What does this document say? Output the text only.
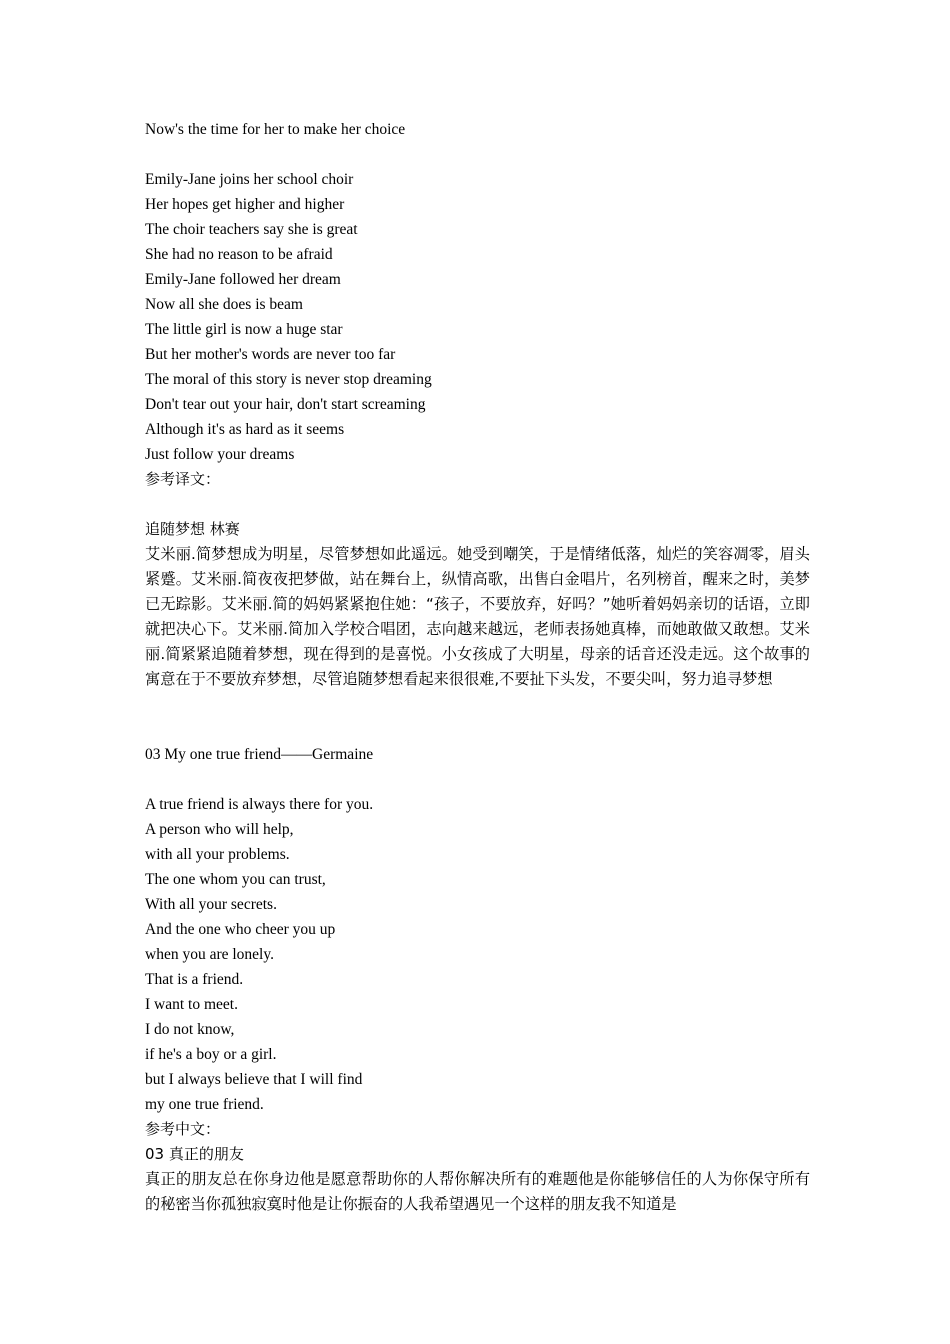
Now's the time for her to make her choice
Emily-Jane joins her school choir
Her hopes get higher and higher
The choir teachers say she is great
She had no reason to be afraid
Emily-Jane followed her dream
Now all she does is beam
The little girl is now a huge star
But her mother's words are never too far
The moral of this story is never stop dreaming
Don't tear out your hair, don't start screaming
Although it's as hard as it seems
Just follow your dreams
参考译文：
追随梦想 林赛
艾米丽.简梦想成为明星，尽管梦想如此遥远。她受到嘲笑，于是情绪低落，灿烂的笑容凋零，眉头紧蹙。艾米丽.简夜夜把梦做，站在舞台上，纵情高歌，出售白金唱片，名列榜首，醒来之时，美梦已无踪影。艾米丽.简的妈妈紧紧抱住她：“孩子，不要放弃，好吗？”她听着妈妈亲切的话语，立即就把决心下。艾米丽.简加入学校合唱团，志向越来越远，老师表扬她真棒，而她敢做又敢想。艾米丽.简紧紧追随着梦想，现在得到的是喜悦。小女孩成了大明星，母亲的话音还没走远。这个故事的寓意在于不要放弃梦想，尽管追随梦想看起来很很难,不要扯下头发，不要尖叫，努力追寻梦想
03 My one true friend——Germaine
A true friend is always there for you.
A person who will help,
with all your problems.
The one whom you can trust,
With all your secrets.
And the one who cheer you up
when you are lonely.
That is a friend.
I want to meet.
I do not know,
if he's a boy or a girl.
but I always believe that I will find
my one true friend.
参考中文：
03 真正的朋友
真正的朋友总在你身边他是愿意帮助你的人帮你解决所有的难题他是你能够信任的人为你保守所有的秘密当你孤独寂寞时他是让你振奋的人我希望遇见一个这样的朋友我不知道是
